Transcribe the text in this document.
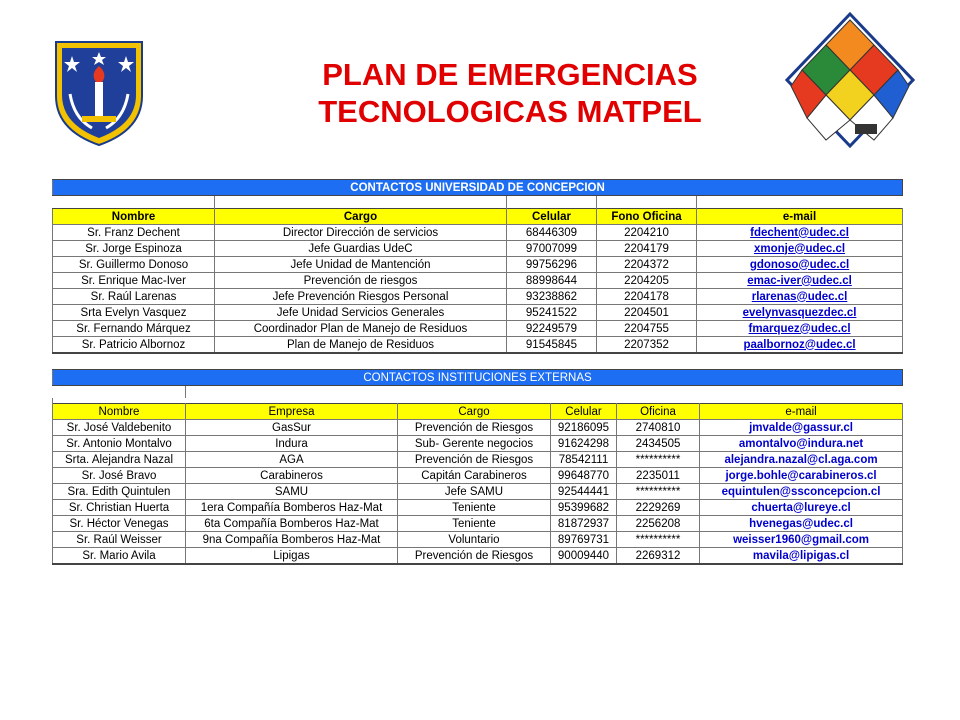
PLAN DE EMERGENCIAS
TECNOLOGICAS MATPEL
CONTACTOS UNIVERSIDAD DE CONCEPCION				

Nombre	Cargo	Celular	Fono Oficina	e-mail
Sr. Franz Dechent	Director Dirección de servicios	68446309	2204210	fdechent@udec.cl
Sr. Jorge Espinoza	Jefe Guardias UdeC	97007099	2204179	xmonje@udec.cl
Sr. Guillermo Donoso	Jefe Unidad de Mantención	99756296	2204372	gdonoso@udec.cl
Sr. Enrique Mac-Iver	Prevención de riesgos	88998644	2204205	emac-iver@udec.cl
Sr. Raúl Larenas	Jefe Prevención Riesgos Personal	93238862	2204178	rlarenas@udec.cl
Srta Evelyn Vasquez	Jefe Unidad Servicios Generales	95241522	2204501	evelynvasquezdec.cl
Sr. Fernando Márquez	Coordinador Plan de Manejo de Residuos	92249579	2204755	fmarquez@udec.cl
Sr. Patricio Albornoz	Plan de Manejo de Residuos	91545845	2207352	paalbornoz@udec.cl
CONTACTOS INSTITUCIONES EXTERNAS					

Nombre	Empresa	Cargo	Celular	Oficina	e-mail
Sr. José Valdebenito	GasSur	Prevención de Riesgos	92186095	2740810	jmvalde@gassur.cl
Sr. Antonio Montalvo	Indura	Sub- Gerente negocios	91624298	2434505	amontalvo@indura.net
Srta. Alejandra Nazal	AGA	Prevención de Riesgos	78542111	**********	alejandra.nazal@cl.aga.com
Sr. José Bravo	Carabineros	Capitán Carabineros	99648770	2235011	jorge.bohle@carabineros.cl
Sra. Edith Quintulen	SAMU	Jefe SAMU	92544441	**********	equintulen@ssconcepcion.cl
Sr. Christian Huerta	1era Compañía Bomberos Haz-Mat	Teniente	95399682	2229269	chuerta@lureye.cl
Sr. Héctor Venegas	6ta Compañía Bomberos Haz-Mat	Teniente	81872937	2256208	hvenegas@udec.cl
Sr. Raúl Weisser	9na Compañía Bomberos Haz-Mat	Voluntario	89769731	**********	weisser1960@gmail.com
Sr. Mario Avila	Lipigas	Prevención de Riesgos	90009440	2269312	mavila@lipigas.cl
